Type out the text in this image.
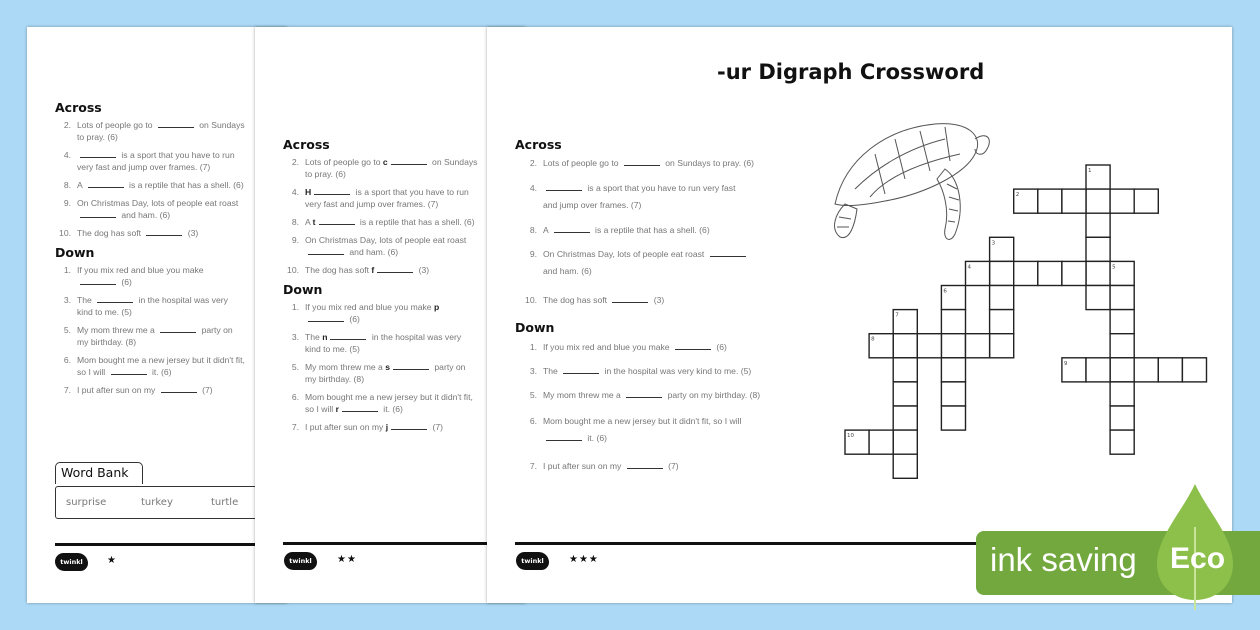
Across
2. Lots of people go to	on Sundays to pray. (6)
4.	is a sport that you have to run very fast and jump over frames. (7)
8. A	is a reptile that has a shell. (6)
9. On Christmas Day, lots of people eat roast  and ham. (6)
10. The dog has soft	(3)
Down
1. If you mix red and blue you make  (6)
3. The	in the hospital was very kind to me. (5)
5. My mom threw me a	party on my birthday. (8)
6. Mom bought me a new jersey but it didn't fit, so I will	it. (6)
7. I put after sun on my	(7)
Word Bank
surprise	turkey	turtle
twinkl	★
Across
2. Lots of people go to c	on Sundays to pray. (6)
4. H	is a sport that you have to run very fast and jump over frames. (7)
8. A t	is a reptile that has a shell. (6)
9. On Christmas Day, lots of people eat roast  and ham. (6)
10. The dog has soft f	(3)
Down
1. If you mix red and blue you make p (6)
3. The n	in the hospital was very kind to me. (5)
5. My mom threw me a s	party on my birthday. (8)
6. Mom bought me a new jersey but it didn't fit, so I will r	it. (6)
7. I put after sun on my j	(7)
twinkl	★★
-ur Digraph Crossword
Across
2. Lots of people go to	on Sundays to pray. (6)
4.	is a sport that you have to run very fast
and jump over frames. (7)
8. A	is a reptile that has a shell. (6)
9. On Christmas Day, lots of people eat roast
and ham. (6)
10. The dog has soft	(3)
Down
1. If you mix red and blue you make	(6)
3. The	in the hospital was very kind to me. (5)
5. My mom threw me a	party on my birthday. (8)
6. Mom bought me a new jersey but it didn't fit, so I will
it. (6)
7. I put after sun on my	(7)
1
2
3
4	5
6
7
8
9
10
twinkl	★★★	ink saving Eco
